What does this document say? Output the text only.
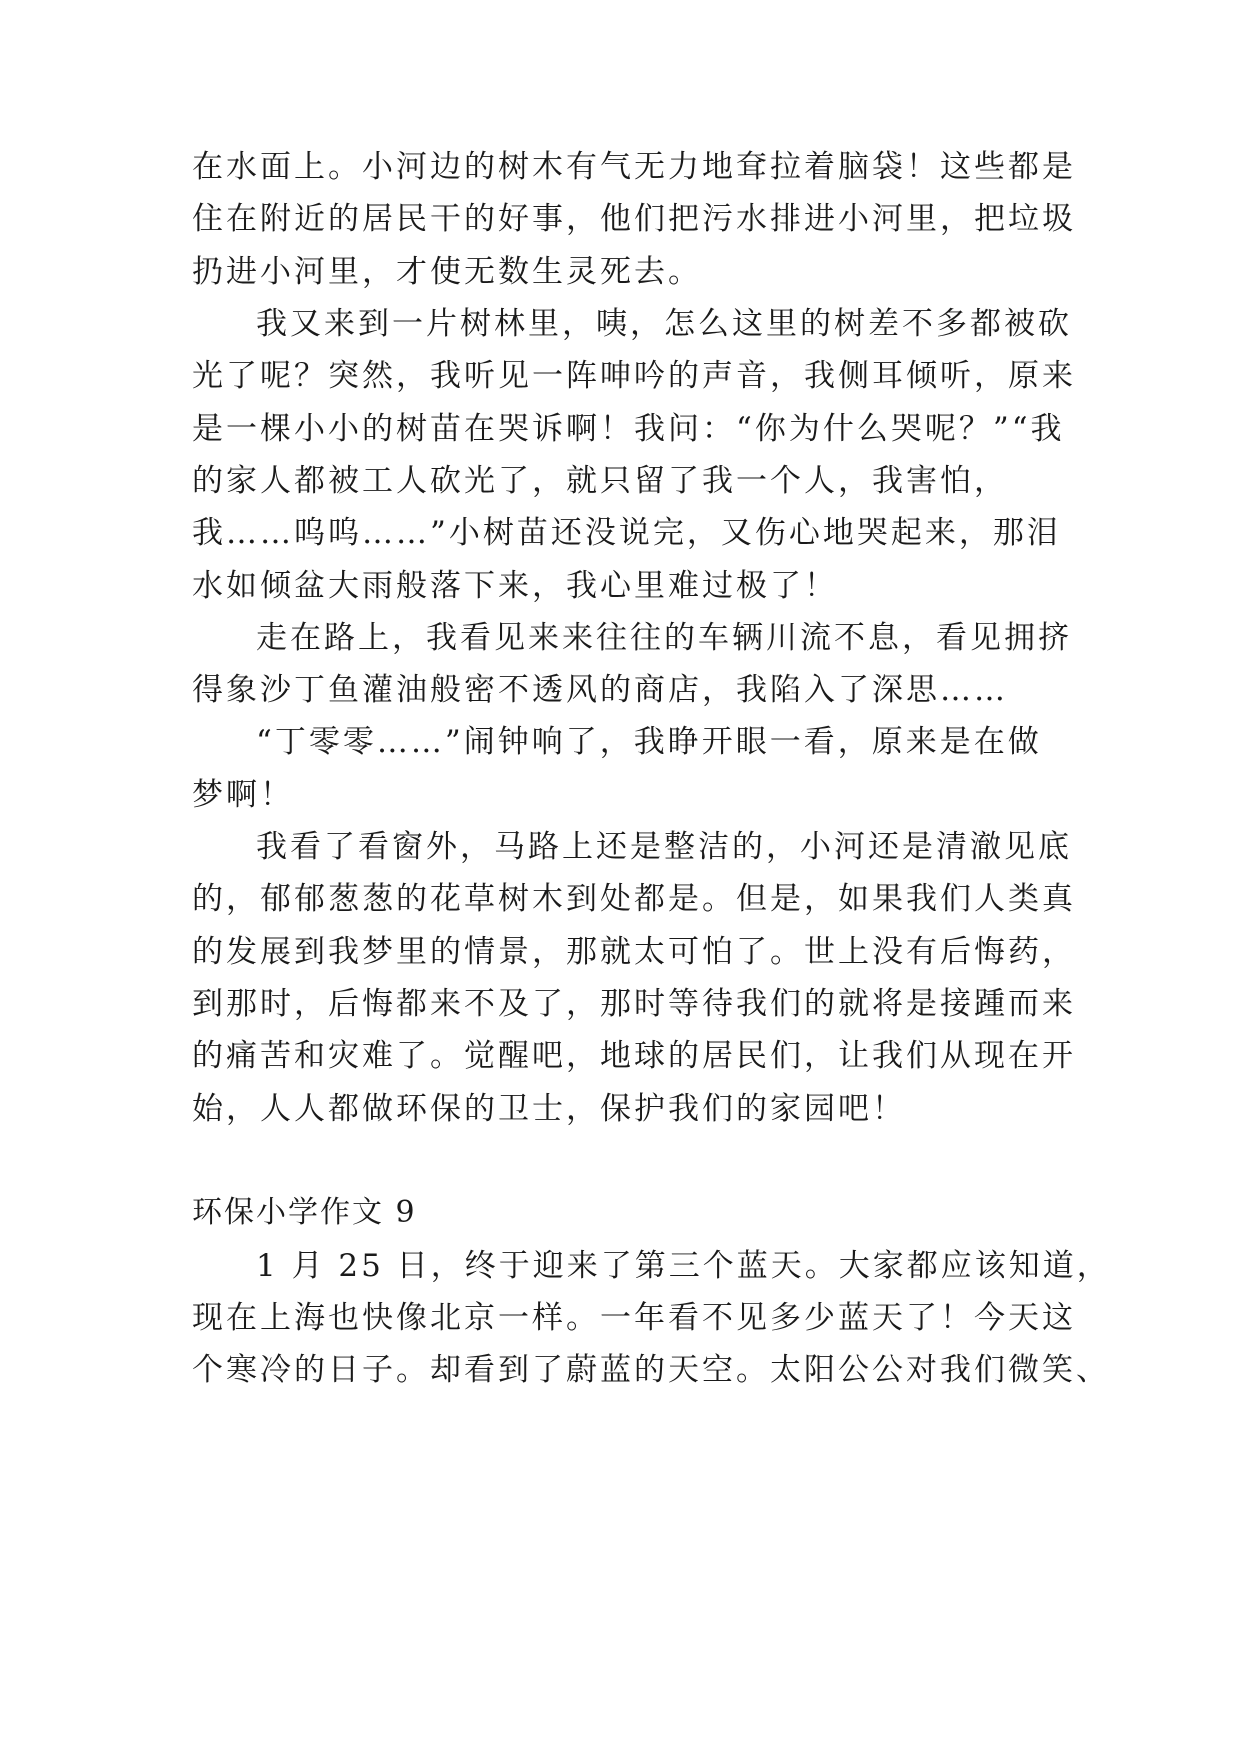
在水面上。小河边的树木有气无力地耷拉着脑袋！这些都是
住在附近的居民干的好事，他们把污水排进小河里，把垃圾
扔进小河里，才使无数生灵死去。
我又来到一片树林里，咦，怎么这里的树差不多都被砍
光了呢？突然，我听见一阵呻吟的声音，我侧耳倾听，原来
是一棵小小的树苗在哭诉啊！我问：“你为什么哭呢？”“我
的家人都被工人砍光了，就只留了我一个人，我害怕，
我……呜呜……”小树苗还没说完，又伤心地哭起来，那泪
水如倾盆大雨般落下来，我心里难过极了！
走在路上，我看见来来往往的车辆川流不息，看见拥挤
得象沙丁鱼灌油般密不透风的商店，我陷入了深思……
“丁零零……”闹钟响了，我睁开眼一看，原来是在做
梦啊！
我看了看窗外，马路上还是整洁的，小河还是清澈见底
的，郁郁葱葱的花草树木到处都是。但是，如果我们人类真
的发展到我梦里的情景，那就太可怕了。世上没有后悔药，
到那时，后悔都来不及了，那时等待我们的就将是接踵而来
的痛苦和灾难了。觉醒吧，地球的居民们，让我们从现在开
始，人人都做环保的卫士，保护我们的家园吧！
环保小学作文 9
1 月 25 日，终于迎来了第三个蓝天。大家都应该知道，
现在上海也快像北京一样。一年看不见多少蓝天了！今天这
个寒冷的日子。却看到了蔚蓝的天空。太阳公公对我们微笑、
